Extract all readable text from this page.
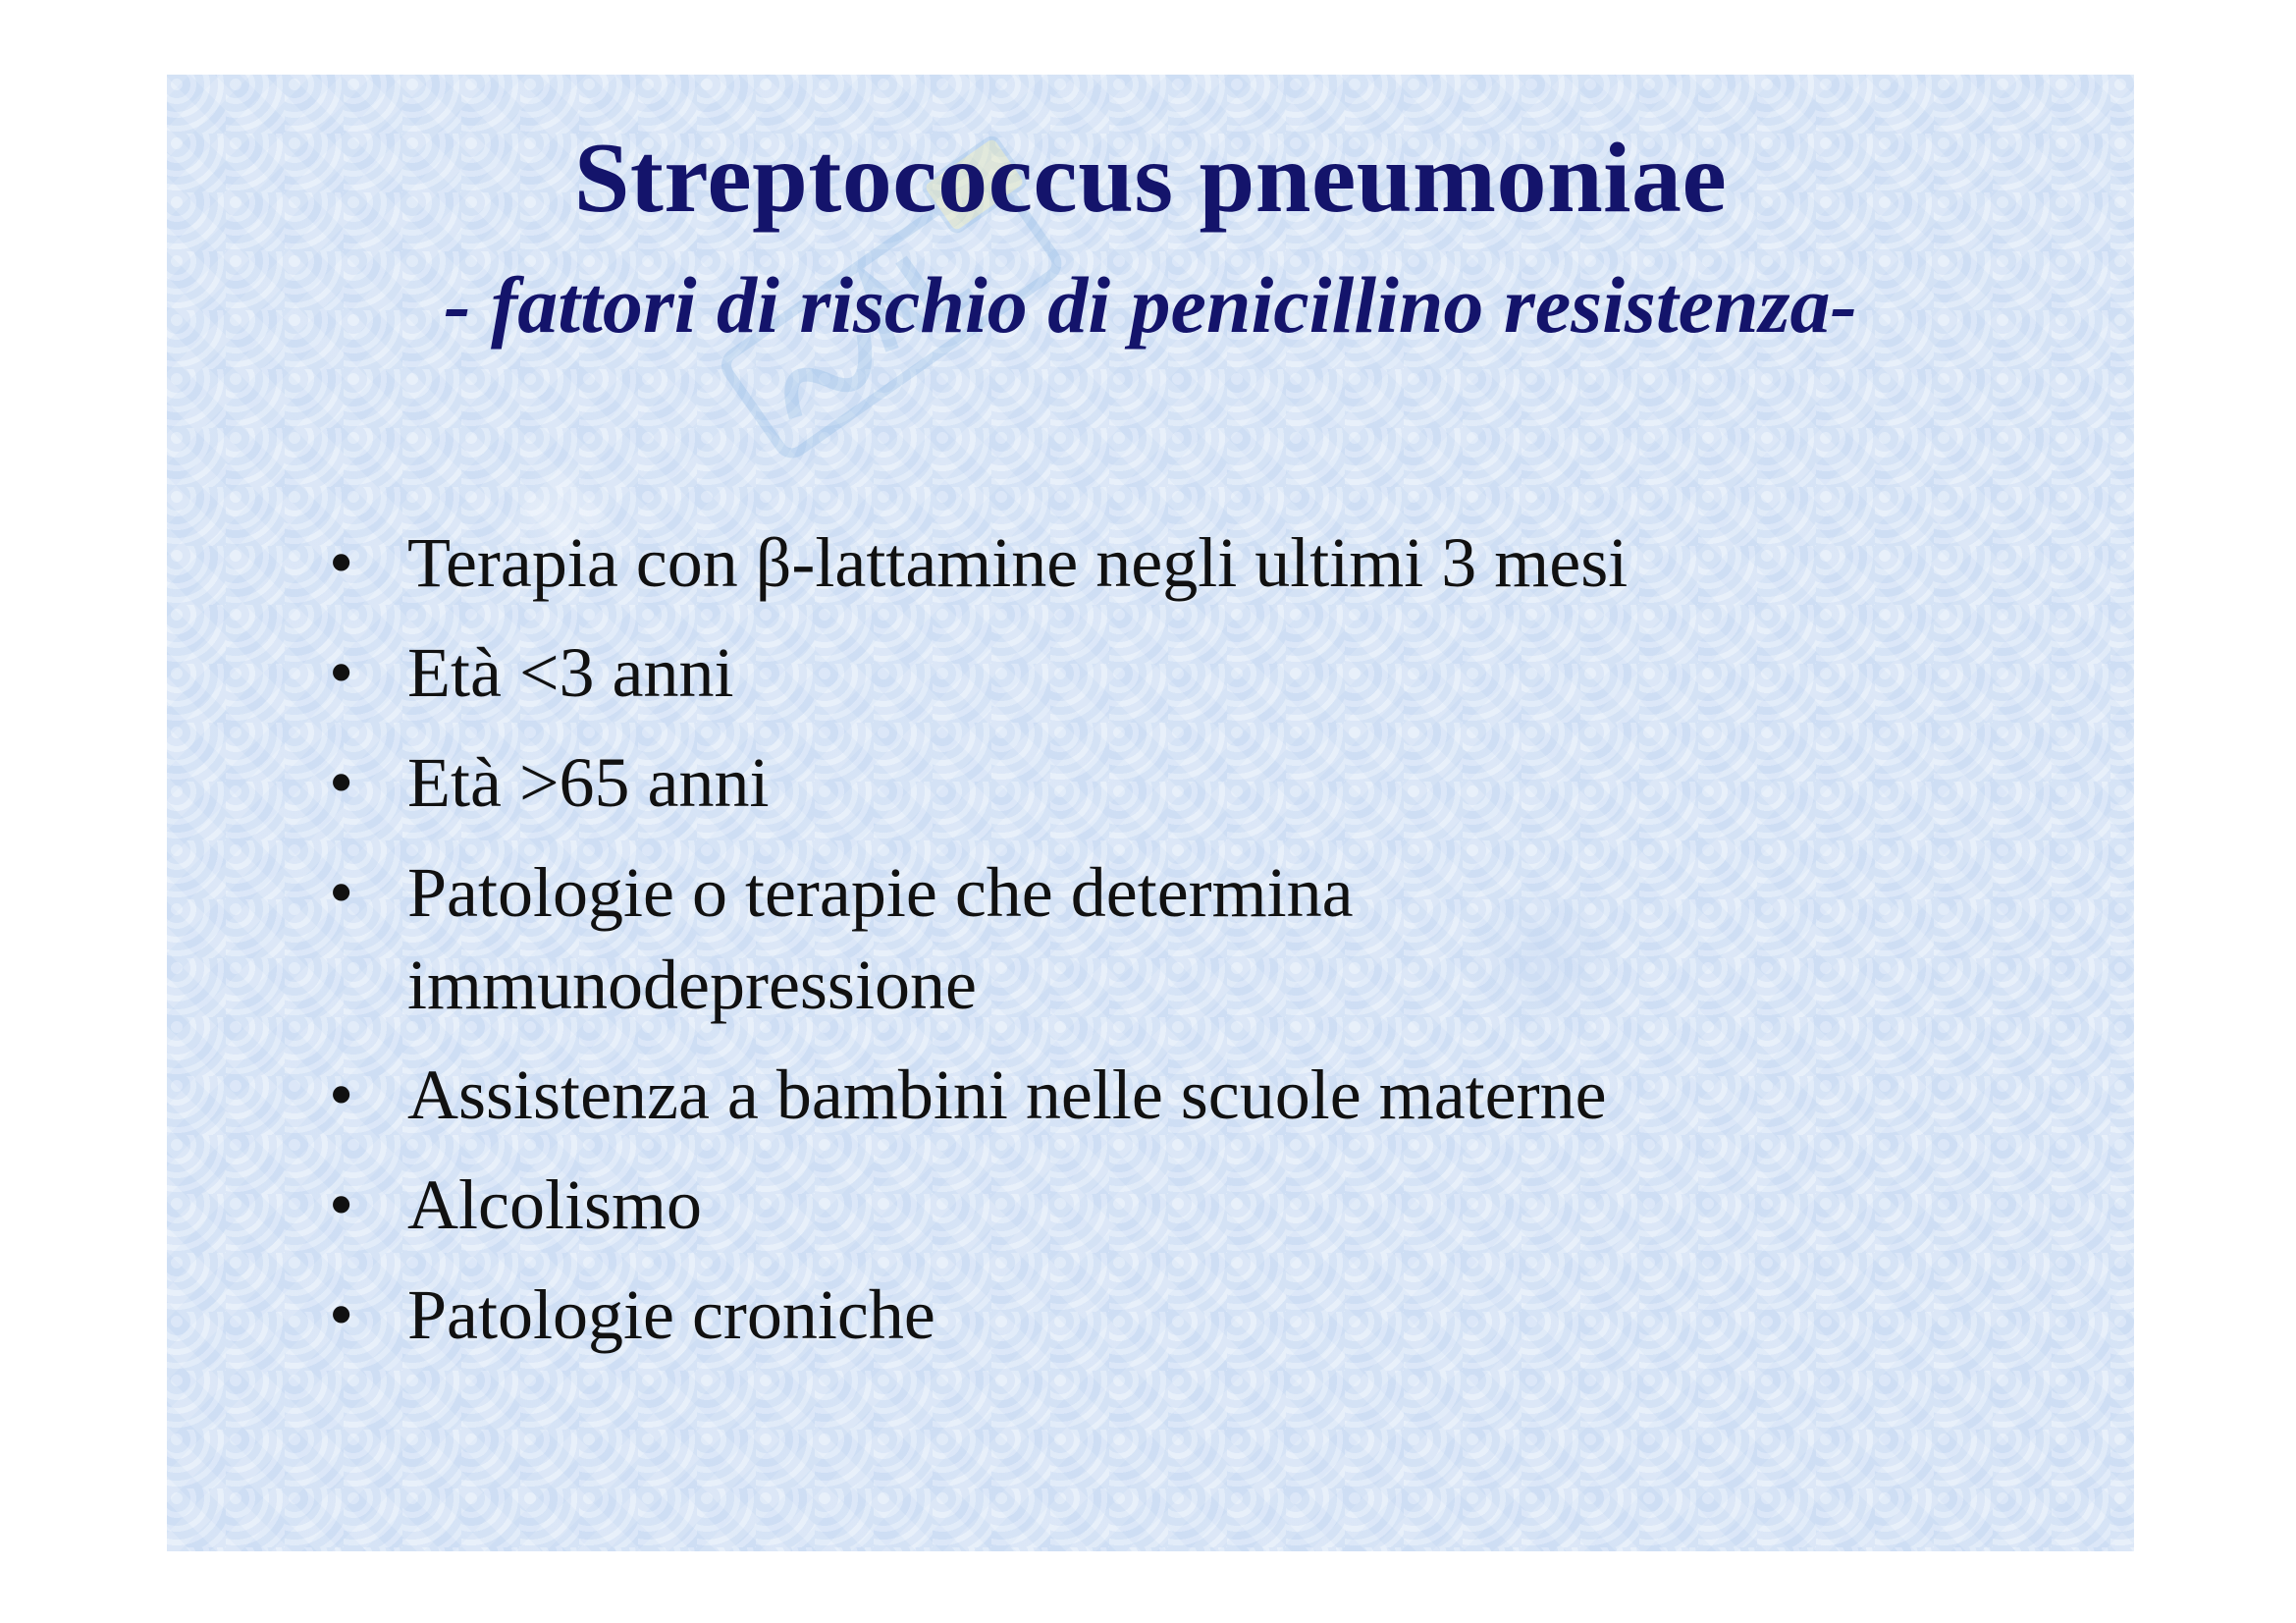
Streptococcus pneumoniae
- fattori di rischio di penicillino resistenza-
• Terapia con β-lattamine negli ultimi 3 mesi
• Età <3 anni
• Età >65 anni
• Patologie o terapie che determina immunodepressione
• Assistenza a bambini nelle scuole materne
• Alcolismo
• Patologie croniche
